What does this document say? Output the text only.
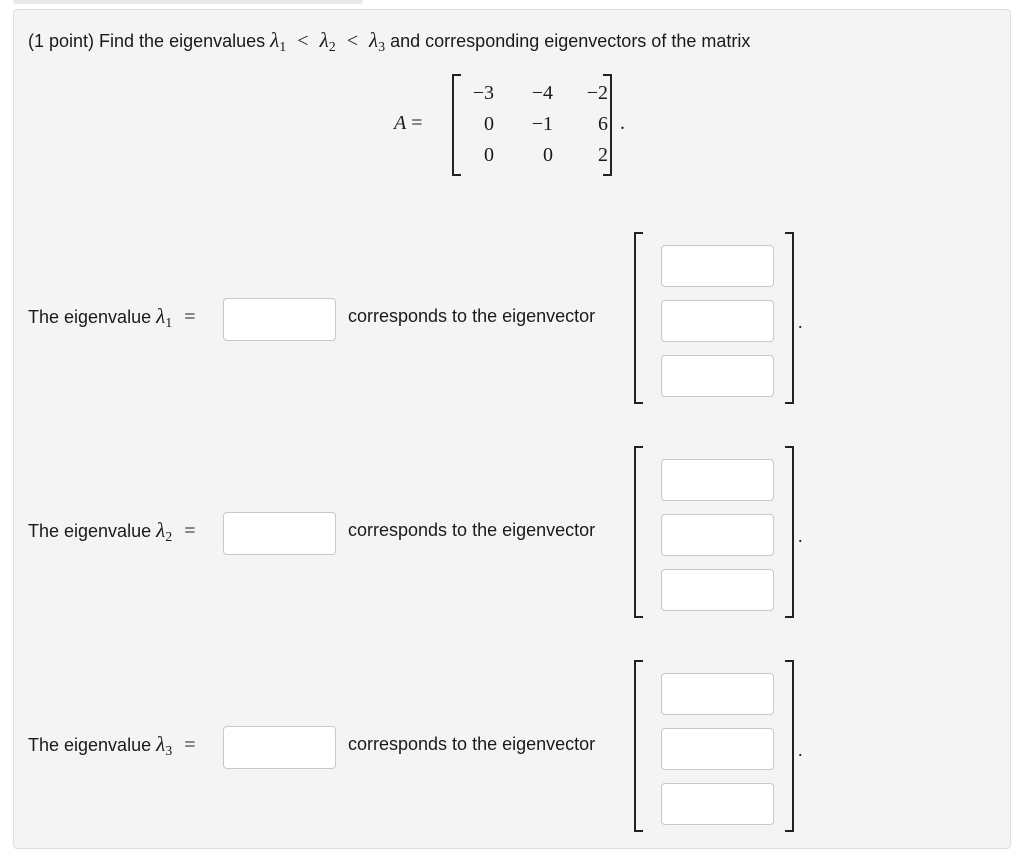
(1 point) Find the eigenvalues $\lambda_1 < \lambda_2 < \lambda_3$ and corresponding eigenvectors of the matrix
A =
−3	−4	−2
0	−1	6
0	0	2
.
The eigenvalue $\lambda_1$ =	corresponds to the eigenvector	.
The eigenvalue $\lambda_2$ =	corresponds to the eigenvector	.
The eigenvalue $\lambda_3$ =	corresponds to the eigenvector	.
